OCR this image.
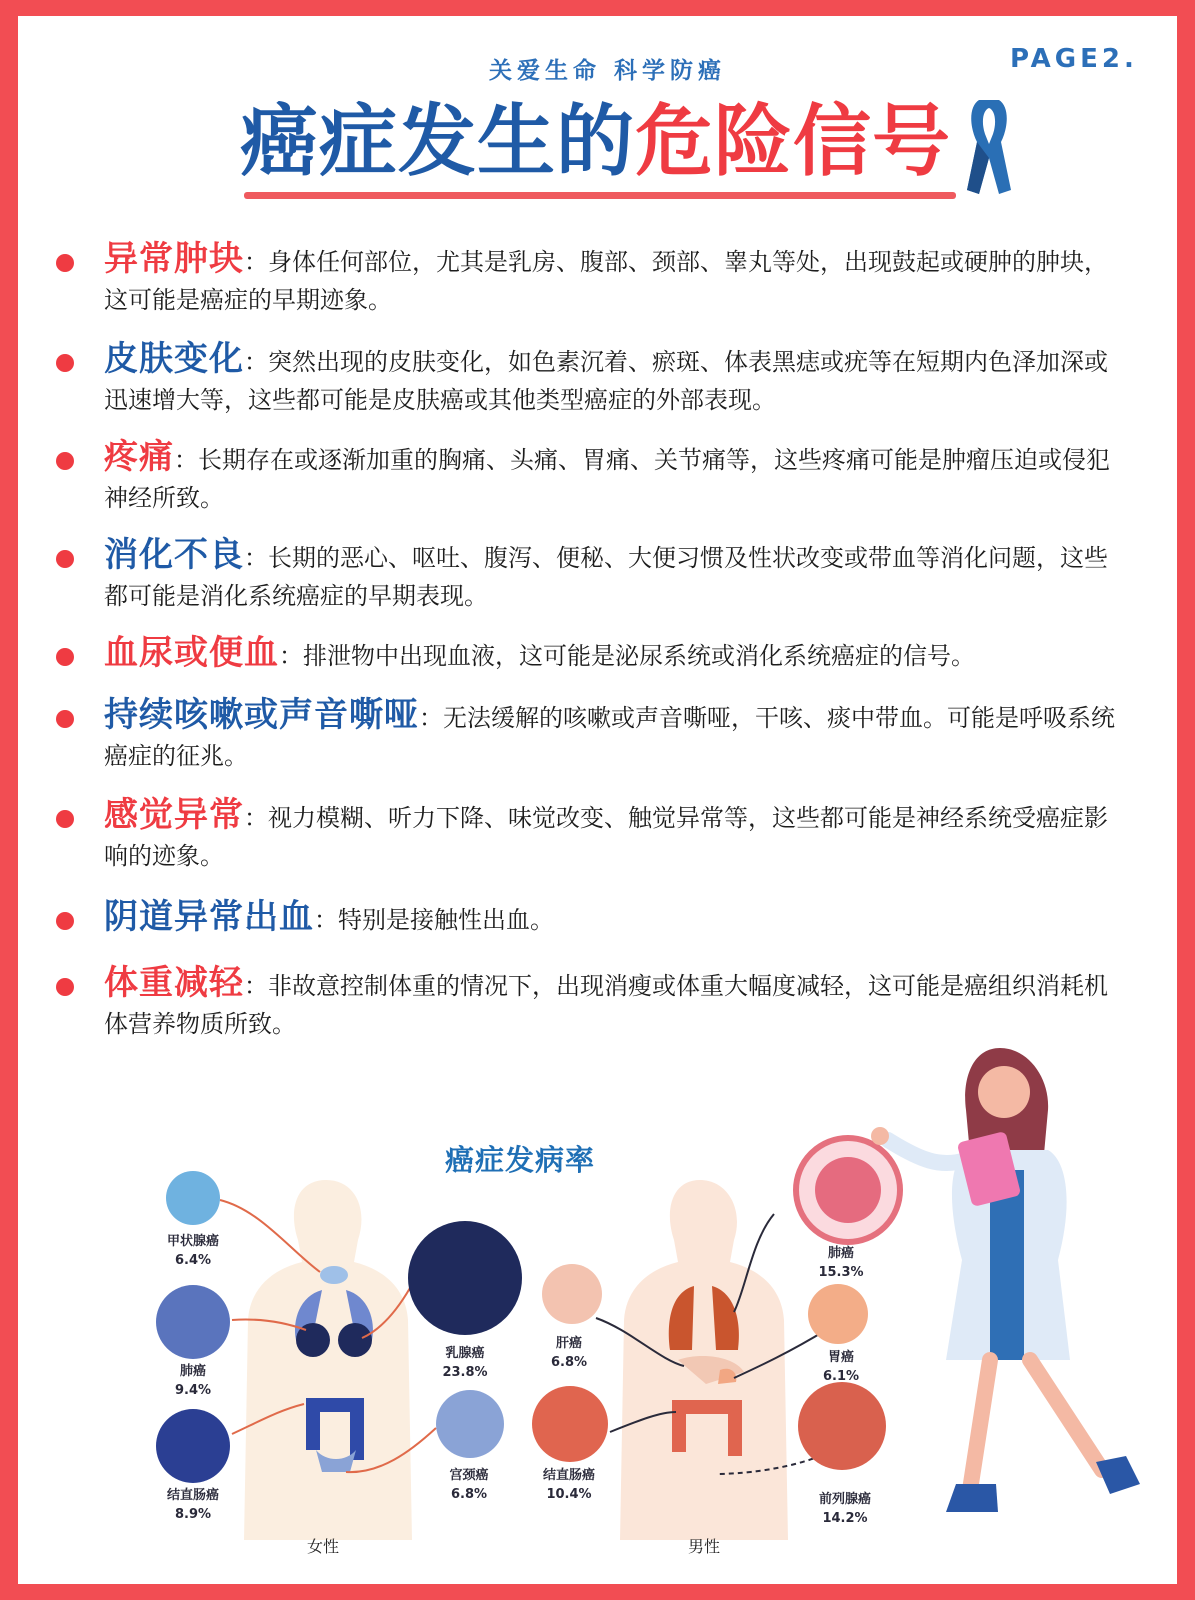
关爱生命 科学防癌	PAGE2.
癌症发生的危险信号
异常肿块：身体任何部位，尤其是乳房、腹部、颈部、睾丸等处，出现鼓起或硬肿的肿块，这可能是癌症的早期迹象。
皮肤变化：突然出现的皮肤变化，如色素沉着、瘀斑、体表黑痣或疣等在短期内色泽加深或迅速增大等，这些都可能是皮肤癌或其他类型癌症的外部表现。
疼痛：长期存在或逐渐加重的胸痛、头痛、胃痛、关节痛等，这些疼痛可能是肿瘤压迫或侵犯神经所致。
消化不良：长期的恶心、呕吐、腹泻、便秘、大便习惯及性状改变或带血等消化问题，这些都可能是消化系统癌症的早期表现。
血尿或便血：排泄物中出现血液，这可能是泌尿系统或消化系统癌症的信号。
持续咳嗽或声音嘶哑：无法缓解的咳嗽或声音嘶哑，干咳、痰中带血。可能是呼吸系统癌症的征兆。
感觉异常：视力模糊、听力下降、味觉改变、触觉异常等，这些都可能是神经系统受癌症影响的迹象。
阴道异常出血：特别是接触性出血。
体重减轻：非故意控制体重的情况下，出现消瘦或体重大幅度减轻，这可能是癌组织消耗机体营养物质所致。
癌症发病率
甲状腺癌
6.4%
肺癌
9.4%
结直肠癌
8.9%
乳腺癌
23.8%
宫颈癌
6.8%
肺癌
15.3%
肝癌
6.8%	胃癌
6.1%
结直肠癌
10.4%	前列腺癌
14.2%
女性	男性
